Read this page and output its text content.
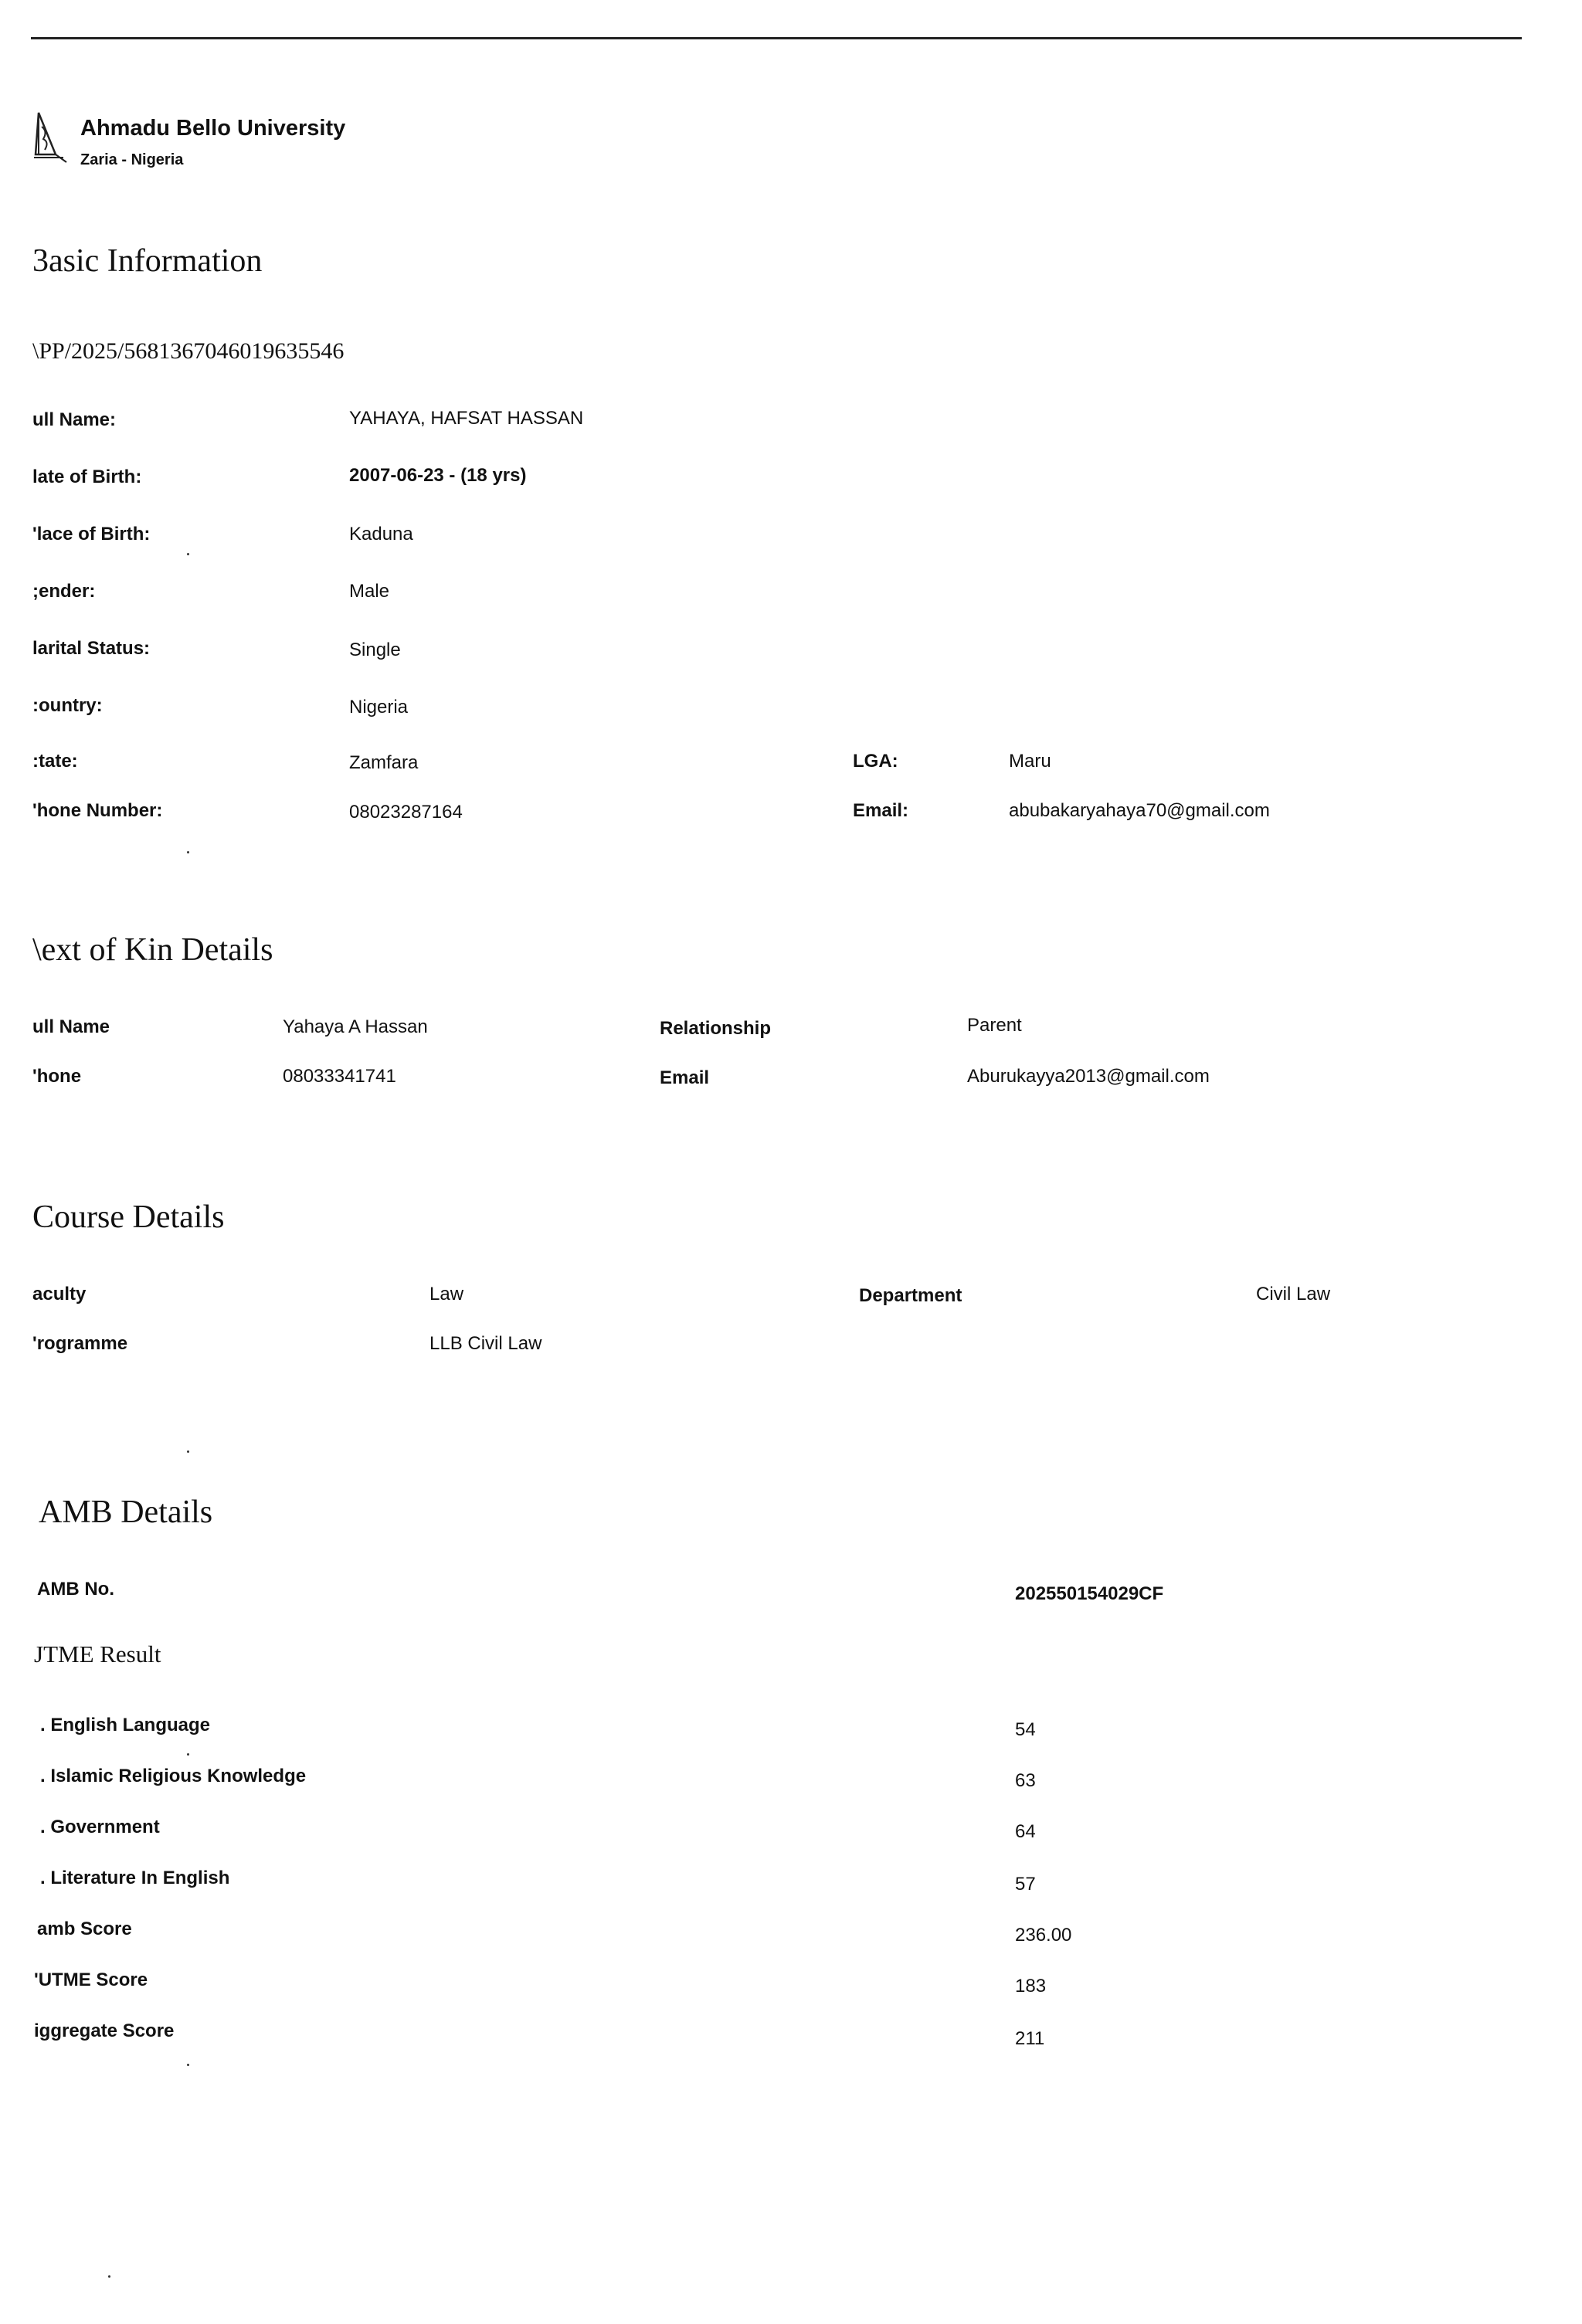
Ahmadu Bello University
Zaria - Nigeria
3asic Information
\PP/2025/5681367046019635546
ull Name:	YAHAYA, HAFSAT HASSAN
late of Birth:	2007-06-23 - (18 yrs)
'lace of Birth:	Kaduna
;ender:	Male
larital Status:	Single
:ountry:	Nigeria
:tate:	Zamfara	LGA:	Maru
'hone Number:	08023287164	Email:	abubakaryahaya70@gmail.com
\ext of Kin Details
ull Name	Yahaya A Hassan	Relationship	Parent
'hone	08033341741	Email	Aburukayya2013@gmail.com
Course Details
aculty	Law	Department	Civil Law
'rogramme	LLB Civil Law
AMB Details
AMB No.	202550154029CF
JTME Result
. English Language	54
. Islamic Religious Knowledge	63
. Government	64
. Literature In English	57
amb Score	236.00
'UTME Score	183
iggregate Score	211
